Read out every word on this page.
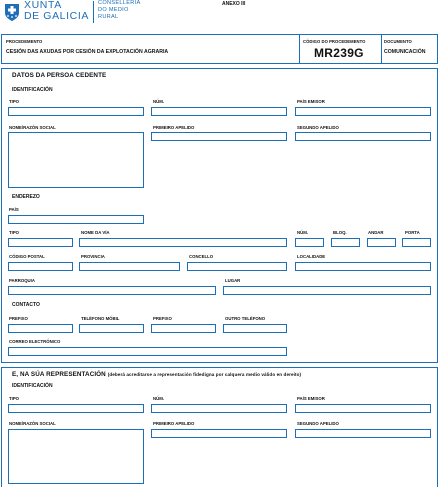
XUNTA
DE GALICIA
CONSELLERÍA
DO MEDIO
RURAL
ANEXO III
PROCEDEMENTO
CESIÓN DAS AXUDAS POR CESIÓN DA EXPLOTACIÓN AGRARIA
CÓDIGO DO PROCEDEMENTO
MR239G
DOCUMENTO
COMUNICACIÓN
DATOS DA PERSOA CEDENTE
IDENTIFICACIÓN
TIPO	NÚM.	PAÍS EMISOR
NOME/RAZÓN SOCIAL	PRIMEIRO APELIDO	SEGUNDO APELIDO
ENDEREZO
PAÍS
TIPO	NOME DA VÍA	NÚM.	BLOQ.	ANDAR	PORTA
CÓDIGO POSTAL	PROVINCIA	CONCELLO	LOCALIDADE
PARROQUIA	LUGAR
CONTACTO
PREFIXO	TELÉFONO MÓBIL	PREFIXO	OUTRO TELÉFONO
CORREO ELECTRÓNICO
E, NA SÚA REPRESENTACIÓN (deberá acreditarse a representación fidedigna por calquera medio válido en dereito)
IDENTIFICACIÓN
TIPO	NÚM.	PAÍS EMISOR
NOME/RAZÓN SOCIAL	PRIMEIRO APELIDO	SEGUNDO APELIDO
